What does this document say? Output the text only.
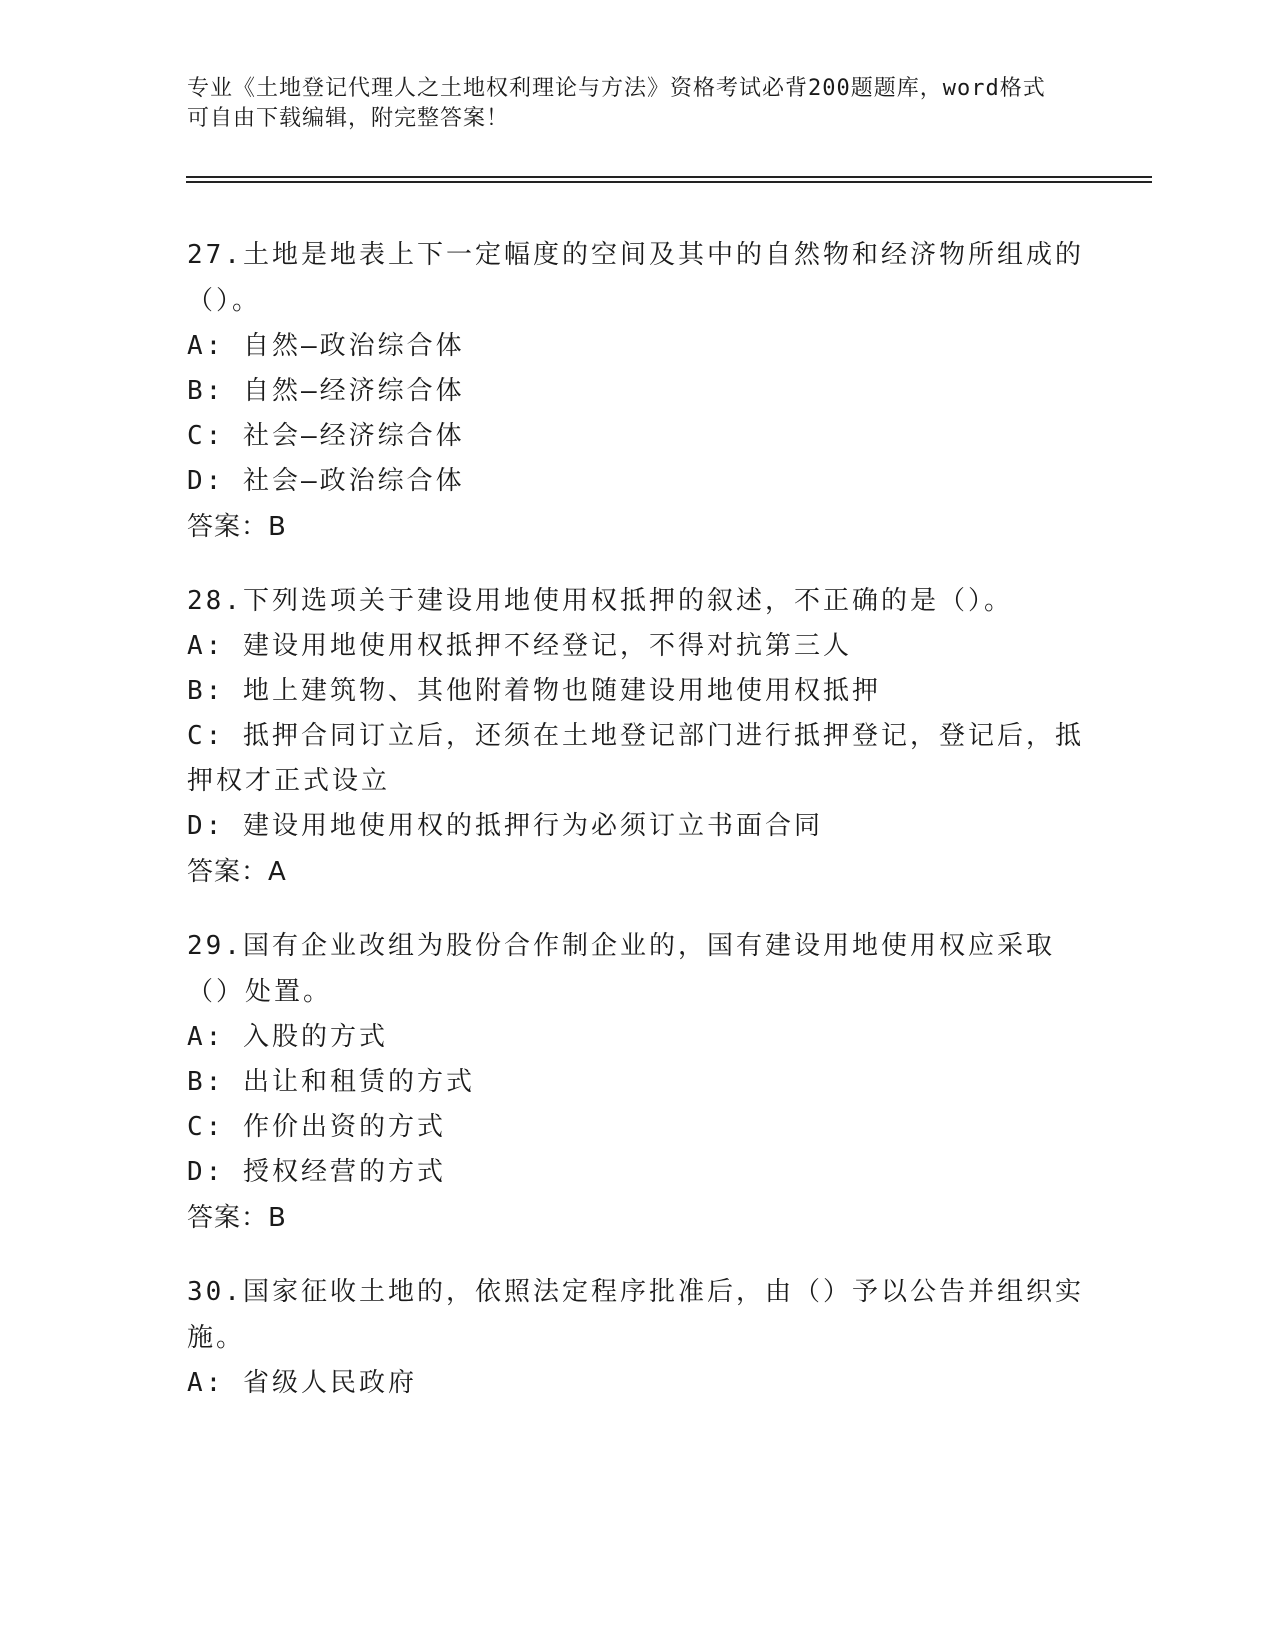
专业《土地登记代理人之土地权利理论与方法》资格考试必背200题题库，word格式可自由下载编辑，附完整答案！

27.土地是地表上下一定幅度的空间及其中的自然物和经济物所组成的（）。

A: 自然—政治综合体

B: 自然—经济综合体

C: 社会—经济综合体

D: 社会—政治综合体

答案：B

28.下列选项关于建设用地使用权抵押的叙述，不正确的是（）。

A: 建设用地使用权抵押不经登记，不得对抗第三人

B: 地上建筑物、其他附着物也随建设用地使用权抵押

C: 抵押合同订立后，还须在土地登记部门进行抵押登记，登记后，抵押权才正式设立

D: 建设用地使用权的抵押行为必须订立书面合同

答案：A

29.国有企业改组为股份合作制企业的，国有建设用地使用权应采取（）处置。

A: 入股的方式

B: 出让和租赁的方式

C: 作价出资的方式

D: 授权经营的方式

答案：B

30.国家征收土地的，依照法定程序批准后，由（）予以公告并组织实施。

A: 省级人民政府
